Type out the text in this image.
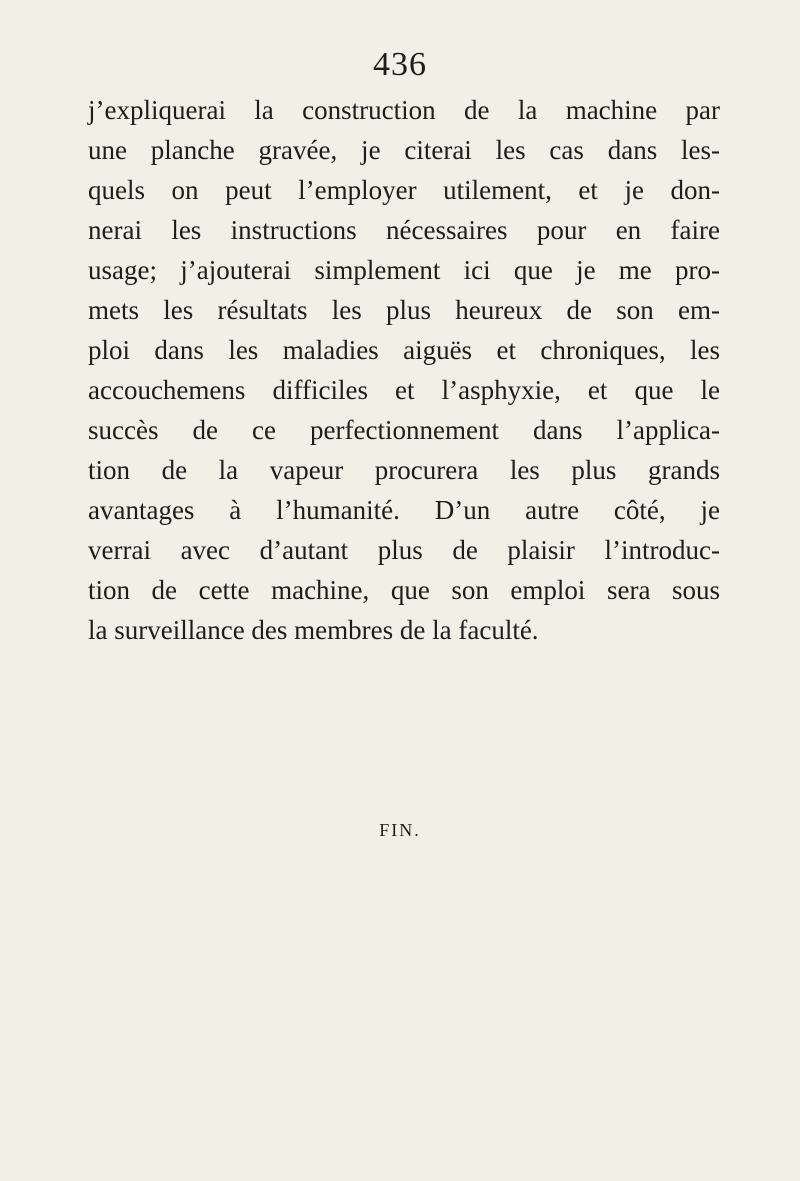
436
j’expliquerai la construction de la machine par
une planche gravée, je citerai les cas dans les-
quels on peut l’employer utilement, et je don-
nerai les instructions nécessaires pour en faire
usage; j’ajouterai simplement ici que je me pro-
mets les résultats les plus heureux de son em-
ploi dans les maladies aiguës et chroniques, les
accouchemens difficiles et l’asphyxie, et que le
succès de ce perfectionnement dans l’applica-
tion de la vapeur procurera les plus grands
avantages à l’humanité. D’un autre côté, je
verrai avec d’autant plus de plaisir l’introduc-
tion de cette machine, que son emploi sera sous
la surveillance des membres de la faculté.
FIN.
